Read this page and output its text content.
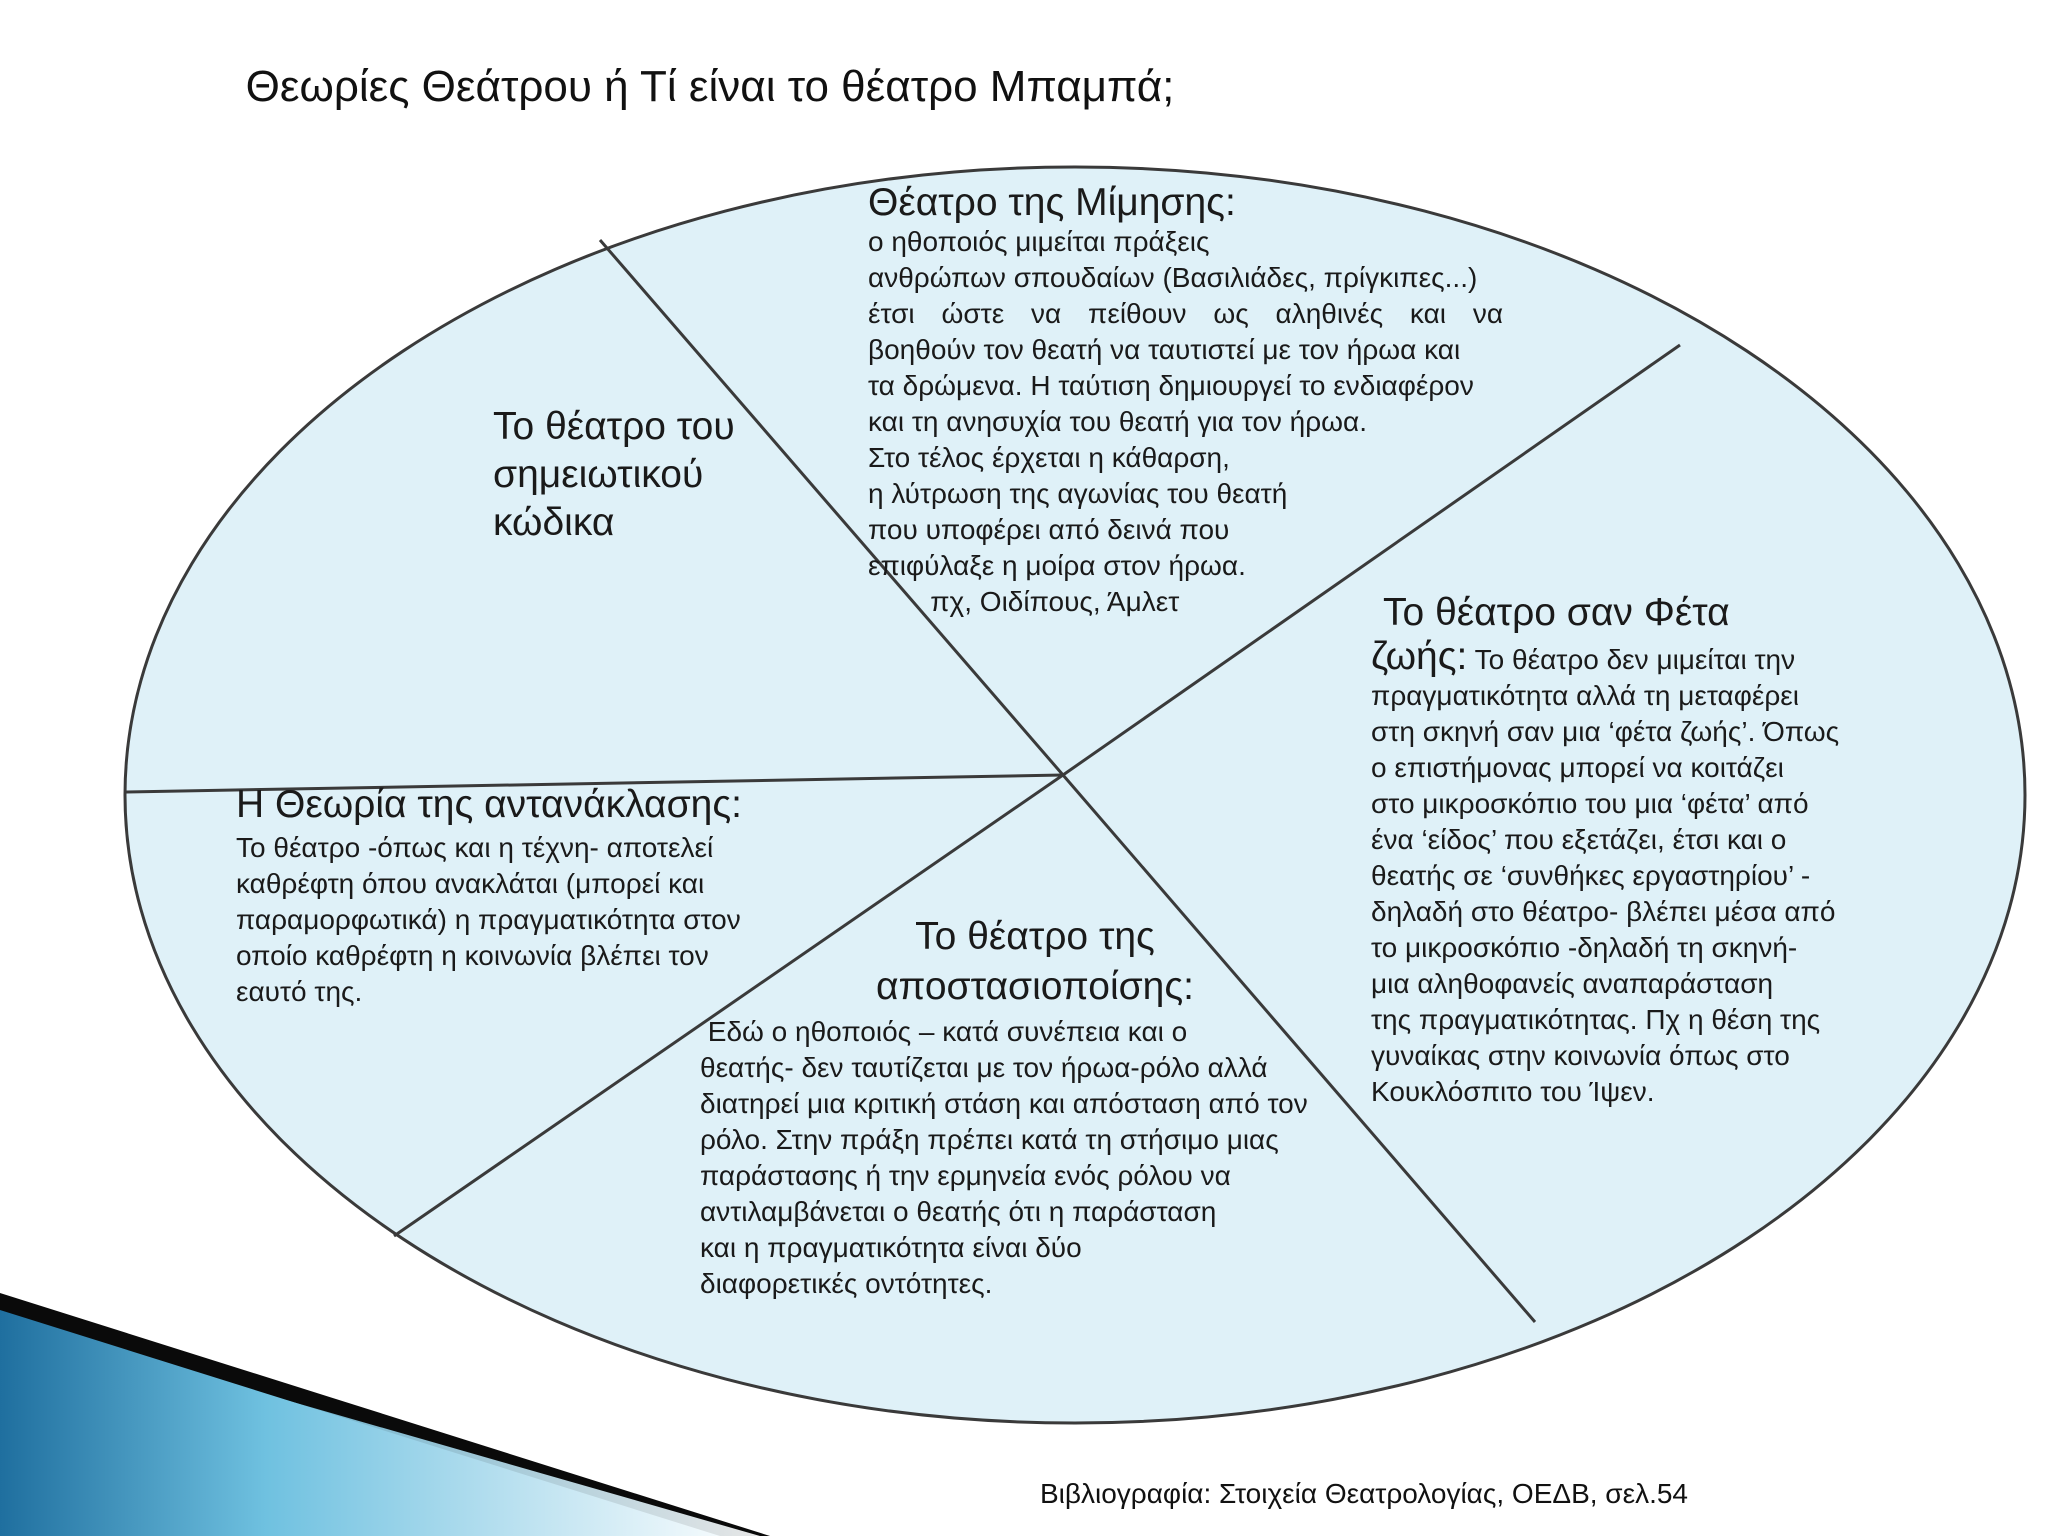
Θεωρίες Θεάτρου ή Τί είναι το θέατρο Μπαμπά;
Θέατρο της Μίμησης:
ο ηθοποιός μιμείται πράξεις
ανθρώπων σπουδαίων (Βασιλιάδες, πρίγκιπες...)
έτσι ώστε να πείθουν ως αληθινές και να
βοηθούν τον θεατή να ταυτιστεί με τον ήρωα και
τα δρώμενα. Η ταύτιση δημιουργεί το ενδιαφέρον
και τη ανησυχία του θεατή για τον ήρωα.
Στο τέλος έρχεται η κάθαρση,
η λύτρωση της αγωνίας του θεατή
που υποφέρει από δεινά που
επιφύλαξε η μοίρα στον ήρωα.
πχ, Οιδίπους, Άμλετ
Το θέατρο του
σημειωτικού
κώδικα
Το θέατρο σαν Φέτα
ζωής: Το θέατρο δεν μιμείται την
πραγματικότητα αλλά τη μεταφέρει
στη σκηνή σαν μια ‘φέτα ζωής’. Όπως
ο επιστήμονας μπορεί να κοιτάζει
στο μικροσκόπιο του μια ‘φέτα’ από
ένα ‘είδος’ που εξετάζει, έτσι και ο
θεατής σε ‘συνθήκες εργαστηρίου’ -
δηλαδή στο θέατρο- βλέπει μέσα από
το μικροσκόπιο -δηλαδή τη σκηνή-
μια αληθοφανείς αναπαράσταση
της πραγματικότητας. Πχ η θέση της
γυναίκας στην κοινωνία όπως στο
Κουκλόσπιτο του Ίψεν.
Η Θεωρία της αντανάκλασης:
Το θέατρο -όπως και η τέχνη- αποτελεί
καθρέφτη όπου ανακλάται (μπορεί και
παραμορφωτικά) η πραγματικότητα στον
οποίο καθρέφτη η κοινωνία βλέπει τον
εαυτό της.
Το θέατρο της
αποστασιοποίσης:
Εδώ ο ηθοποιός – κατά συνέπεια και ο
θεατής- δεν ταυτίζεται με τον ήρωα-ρόλο αλλά
διατηρεί μια κριτική στάση και απόσταση από τον
ρόλο. Στην πράξη πρέπει κατά τη στήσιμο μιας
παράστασης ή την ερμηνεία ενός ρόλου να
αντιλαμβάνεται ο θεατής ότι η παράσταση
και η πραγματικότητα είναι δύο
διαφορετικές οντότητες.
Βιβλιογραφία: Στοιχεία Θεατρολογίας, ΟΕΔΒ, σελ.54
